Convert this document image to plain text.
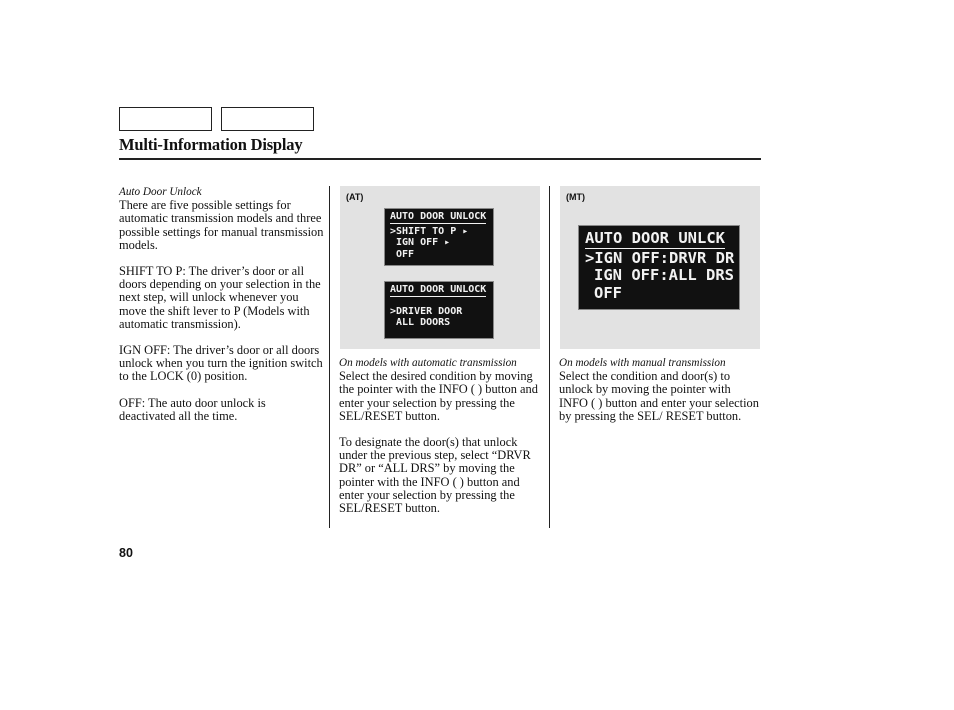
Multi-Information Display
Auto Door Unlock

There are five possible settings for automatic transmission models and three possible settings for manual transmission models.

SHIFT TO P: The driver’s door or all doors depending on your selection in the next step, will unlock whenever you move the shift lever to P (Models with automatic transmission).

IGN OFF: The driver’s door or all doors unlock when you turn the ignition switch to the LOCK (0) position.

OFF: The auto door unlock is deactivated all the time.

(AT)
AUTO DOOR UNLOCK
>SHIFT TO P ▸
IGN OFF ▸
OFF
AUTO DOOR UNLOCK
>DRIVER DOOR
ALL DOORS
(MT)
AUTO DOOR UNLCK
>IGN OFF:DRVR DR
IGN OFF:ALL DRS
OFF
On models with automatic transmission

Select the desired condition by moving the pointer with the INFO ( ) button and enter your selection by pressing the SEL/RESET button.

To designate the door(s) that unlock under the previous step, select “DRVR DR” or “ALL DRS” by moving the pointer with the INFO ( ) button and enter your selection by pressing the SEL/RESET button.

On models with manual transmission

Select the condition and door(s) to unlock by moving the pointer with INFO ( ) button and enter your selection by pressing the SEL/ RESET button.

80
